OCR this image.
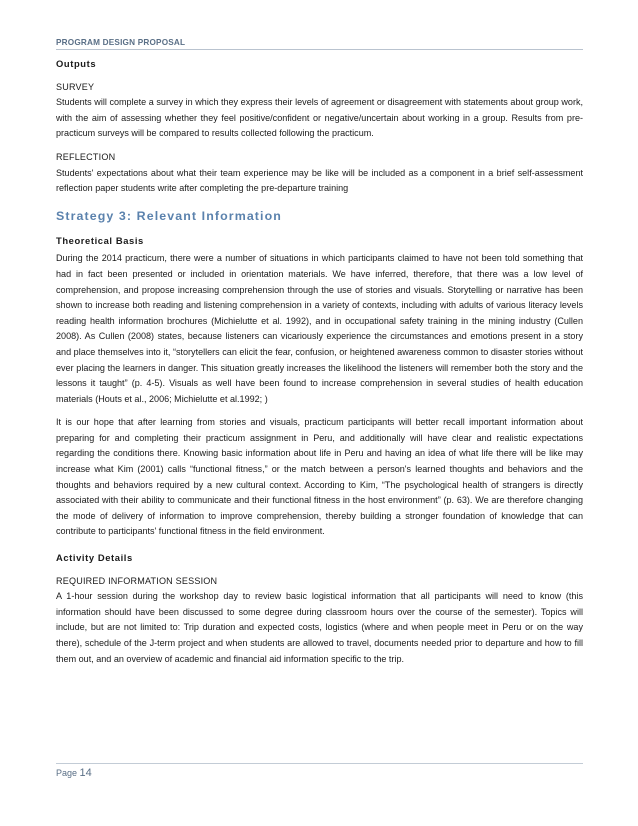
PROGRAM DESIGN PROPOSAL
Outputs
SURVEY

Students will complete a survey in which they express their levels of agreement or disagreement with statements about group work, with the aim of assessing whether they feel positive/confident or negative/uncertain about working in a group. Results from pre-practicum surveys will be compared to results collected following the practicum.

REFLECTION

Students' expectations about what their team experience may be like will be included as a component in a brief self-assessment reflection paper students write after completing the pre-departure training

Strategy 3: Relevant Information
Theoretical Basis

During the 2014 practicum, there were a number of situations in which participants claimed to have not been told something that had in fact been presented or included in orientation materials. We have inferred, therefore, that there was a low level of comprehension, and propose increasing comprehension through the use of stories and visuals. Storytelling or narrative has been shown to increase both reading and listening comprehension in a variety of contexts, including with adults of various literacy levels reading health information brochures (Michielutte et al. 1992), and in occupational safety training in the mining industry (Cullen 2008). As Cullen (2008) states, because listeners can vicariously experience the circumstances and emotions present in a story and place themselves into it, “storytellers can elicit the fear, confusion, or heightened awareness common to disaster stories without ever placing the learners in danger. This situation greatly increases the likelihood the listeners will remember both the story and the lessons it taught” (p. 4-5). Visuals as well have been found to increase comprehension in several studies of health education materials (Houts et al., 2006; Michielutte et al.1992; )

It is our hope that after learning from stories and visuals, practicum participants will better recall important information about preparing for and completing their practicum assignment in Peru, and additionally will have clear and realistic expectations regarding the conditions there. Knowing basic information about life in Peru and having an idea of what life there will be like may increase what Kim (2001) calls “functional fitness,” or the match between a person's learned thoughts and behaviors and the thoughts and behaviors required by a new cultural context. According to Kim, “The psychological health of strangers is directly associated with their ability to communicate and their functional fitness in the host environment” (p. 63). We are therefore changing the mode of delivery of information to improve comprehension, thereby building a stronger foundation of knowledge that can contribute to participants' functional fitness in the field environment.

Activity Details
REQUIRED INFORMATION SESSION

A 1-hour session during the workshop day to review basic logistical information that all participants will need to know (this information should have been discussed to some degree during classroom hours over the course of the semester). Topics will include, but are not limited to: Trip duration and expected costs, logistics (where and when people meet in Peru or on the way there), schedule of the J-term project and when students are allowed to travel, documents needed prior to departure and how to fill them out, and an overview of academic and financial aid information specific to the trip.

Page 14
